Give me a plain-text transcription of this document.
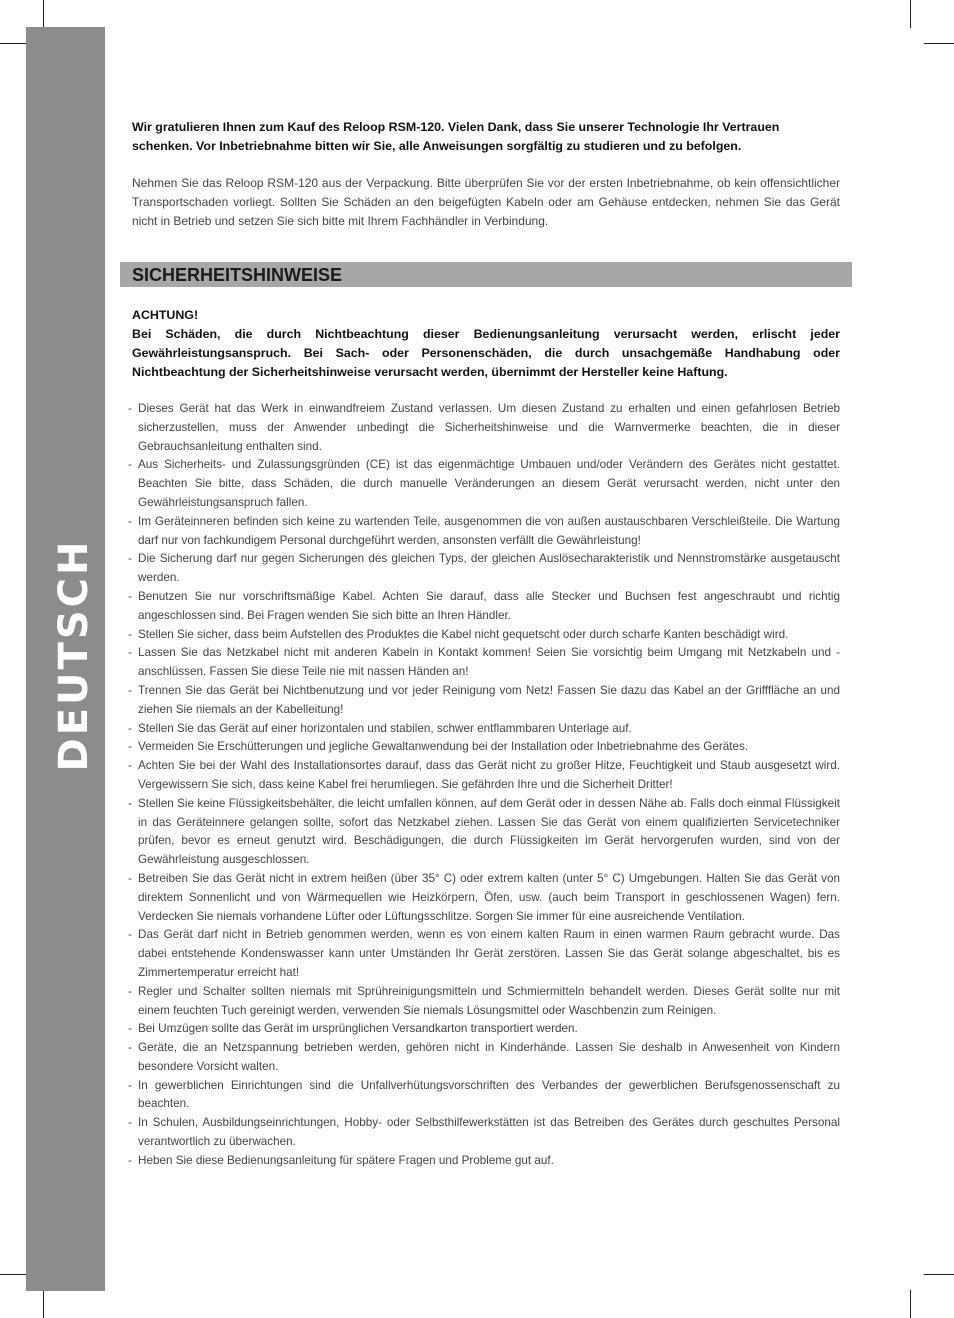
DEUTSCH

Wir gratulieren Ihnen zum Kauf des Reloop RSM-120. Vielen Dank, dass Sie unserer Technologie Ihr Vertrauen schenken. Vor Inbetriebnahme bitten wir Sie, alle Anweisungen sorgfältig zu studieren und zu befolgen.

Nehmen Sie das Reloop RSM-120 aus der Verpackung. Bitte überprüfen Sie vor der ersten Inbetriebnahme, ob kein offensichtlicher Transportschaden vorliegt. Sollten Sie Schäden an den beigefügten Kabeln oder am Gehäuse entdecken, nehmen Sie das Gerät nicht in Betrieb und setzen Sie sich bitte mit Ihrem Fachhändler in Verbindung.

SICHERHEITSHINWEISE
ACHTUNG!

Bei Schäden, die durch Nichtbeachtung dieser Bedienungsanleitung verursacht werden, erlischt jeder Gewährleistungsanspruch. Bei Sach- oder Personenschäden, die durch unsachgemäße Handhabung oder Nichtbeachtung der Sicherheitshinweise verursacht werden, übernimmt der Hersteller keine Haftung.

- Dieses Gerät hat das Werk in einwandfreiem Zustand verlassen. Um diesen Zustand zu erhalten und einen gefahrlosen Betrieb sicherzustellen, muss der Anwender unbedingt die Sicherheitshinweise und die Warnvermerke beachten, die in dieser Gebrauchsanleitung enthalten sind.
- Aus Sicherheits- und Zulassungsgründen (CE) ist das eigenmächtige Umbauen und/oder Verändern des Gerätes nicht gestattet. Beachten Sie bitte, dass Schäden, die durch manuelle Veränderungen an diesem Gerät verursacht werden, nicht unter den Gewährleistungsanspruch fallen.
- Im Geräteinneren befinden sich keine zu wartenden Teile, ausgenommen die von außen austauschbaren Verschleißteile. Die Wartung darf nur von fachkundigem Personal durchgeführt werden, ansonsten verfällt die Gewährleistung!
- Die Sicherung darf nur gegen Sicherungen des gleichen Typs, der gleichen Auslösecharakteristik und Nennstromstärke ausgetauscht werden.
- Benutzen Sie nur vorschriftsmäßige Kabel. Achten Sie darauf, dass alle Stecker und Buchsen fest angeschraubt und richtig angeschlossen sind. Bei Fragen wenden Sie sich bitte an Ihren Händler.
- Stellen Sie sicher, dass beim Aufstellen des Produktes die Kabel nicht gequetscht oder durch scharfe Kanten beschädigt wird.
- Lassen Sie das Netzkabel nicht mit anderen Kabeln in Kontakt kommen! Seien Sie vorsichtig beim Umgang mit Netzkabeln und -anschlüssen. Fassen Sie diese Teile nie mit nassen Händen an!
- Trennen Sie das Gerät bei Nichtbenutzung und vor jeder Reinigung vom Netz! Fassen Sie dazu das Kabel an der Grifffläche an und ziehen Sie niemals an der Kabelleitung!
- Stellen Sie das Gerät auf einer horizontalen und stabilen, schwer entflammbaren Unterlage auf.
- Vermeiden Sie Erschütterungen und jegliche Gewaltanwendung bei der Installation oder Inbetriebnahme des Gerätes.
- Achten Sie bei der Wahl des Installationsortes darauf, dass das Gerät nicht zu großer Hitze, Feuchtigkeit und Staub ausgesetzt wird. Vergewissern Sie sich, dass keine Kabel frei herumliegen. Sie gefährden Ihre und die Sicherheit Dritter!
- Stellen Sie keine Flüssigkeitsbehälter, die leicht umfallen können, auf dem Gerät oder in dessen Nähe ab. Falls doch einmal Flüssigkeit in das Geräteinnere gelangen sollte, sofort das Netzkabel ziehen. Lassen Sie das Gerät von einem qualifizierten Servicetechniker prüfen, bevor es erneut genutzt wird. Beschädigungen, die durch Flüssigkeiten im Gerät hervorgerufen wurden, sind von der Gewährleistung ausgeschlossen.
- Betreiben Sie das Gerät nicht in extrem heißen (über 35° C) oder extrem kalten (unter 5° C) Umgebungen. Halten Sie das Gerät von direktem Sonnenlicht und von Wärmequellen wie Heizkörpern, Öfen, usw. (auch beim Transport in geschlossenen Wagen) fern. Verdecken Sie niemals vorhandene Lüfter oder Lüftungsschlitze. Sorgen Sie immer für eine ausreichende Ventilation.
- Das Gerät darf nicht in Betrieb genommen werden, wenn es von einem kalten Raum in einen warmen Raum gebracht wurde. Das dabei entstehende Kondenswasser kann unter Umständen Ihr Gerät zerstören. Lassen Sie das Gerät solange abgeschaltet, bis es Zimmertemperatur erreicht hat!
- Regler und Schalter sollten niemals mit Sprühreinigungsmitteln und Schmiermitteln behandelt werden. Dieses Gerät sollte nur mit einem feuchten Tuch gereinigt werden, verwenden Sie niemals Lösungsmittel oder Waschbenzin zum Reinigen.
- Bei Umzügen sollte das Gerät im ursprünglichen Versandkarton transportiert werden.
- Geräte, die an Netzspannung betrieben werden, gehören nicht in Kinderhände. Lassen Sie deshalb in Anwesenheit von Kindern besondere Vorsicht walten.
- In gewerblichen Einrichtungen sind die Unfallverhütungsvorschriften des Verbandes der gewerblichen Berufsgenossenschaft zu beachten.
- In Schulen, Ausbildungseinrichtungen, Hobby- oder Selbsthilfewerkstätten ist das Betreiben des Gerätes durch geschultes Personal verantwortlich zu überwachen.
- Heben Sie diese Bedienungsanleitung für spätere Fragen und Probleme gut auf.
